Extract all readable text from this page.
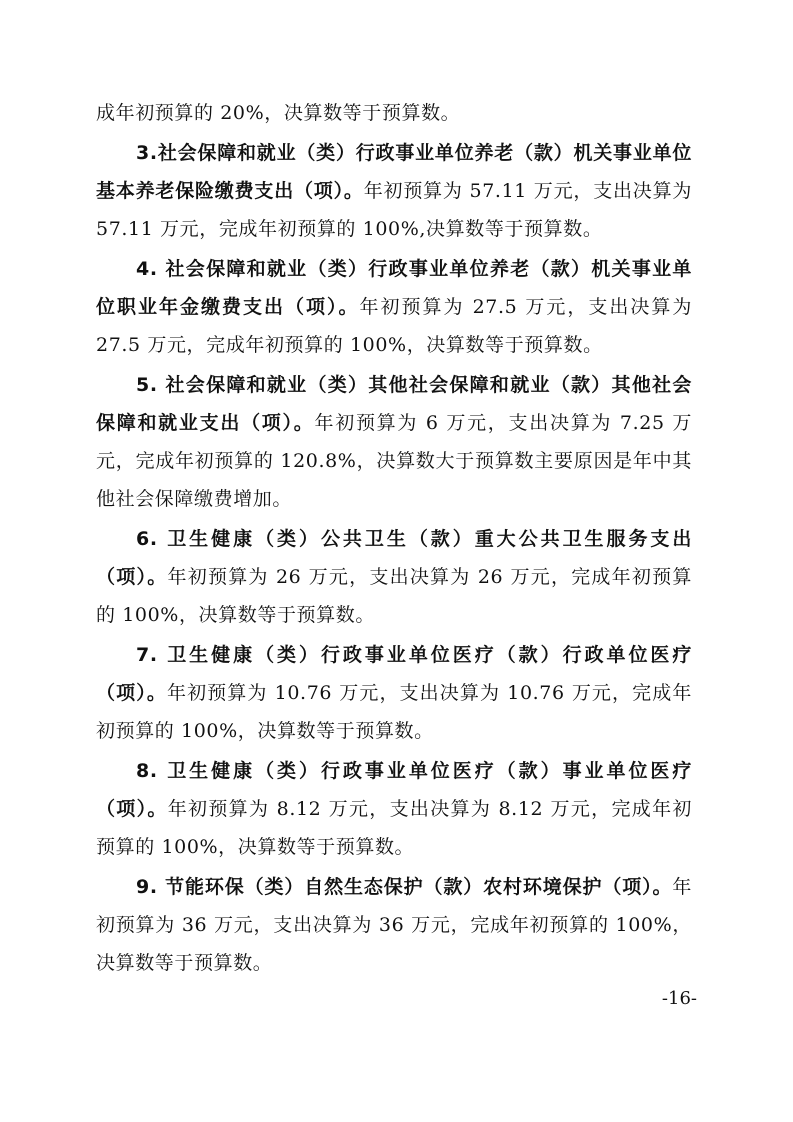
成年初预算的 20%，决算数等于预算数。

3.社会保障和就业（类）行政事业单位养老（款）机关事业单位基本养老保险缴费支出（项）。年初预算为 57.11 万元，支出决算为 57.11 万元，完成年初预算的 100%,决算数等于预算数。

4. 社会保障和就业（类）行政事业单位养老（款）机关事业单位职业年金缴费支出（项）。年初预算为 27.5 万元，支出决算为 27.5 万元，完成年初预算的 100%，决算数等于预算数。

5. 社会保障和就业（类）其他社会保障和就业（款）其他社会保障和就业支出（项）。年初预算为 6 万元，支出决算为 7.25 万元，完成年初预算的 120.8%，决算数大于预算数主要原因是年中其他社会保障缴费增加。

6. 卫生健康（类）公共卫生（款）重大公共卫生服务支出（项）。年初预算为 26 万元，支出决算为 26 万元，完成年初预算的 100%，决算数等于预算数。

7. 卫生健康（类）行政事业单位医疗（款）行政单位医疗（项）。年初预算为 10.76 万元，支出决算为 10.76 万元，完成年初预算的 100%，决算数等于预算数。

8. 卫生健康（类）行政事业单位医疗（款）事业单位医疗（项）。年初预算为 8.12 万元，支出决算为 8.12 万元，完成年初预算的 100%，决算数等于预算数。

9. 节能环保（类）自然生态保护（款）农村环境保护（项）。年初预算为 36 万元，支出决算为 36 万元，完成年初预算的 100%，决算数等于预算数。

-16-
